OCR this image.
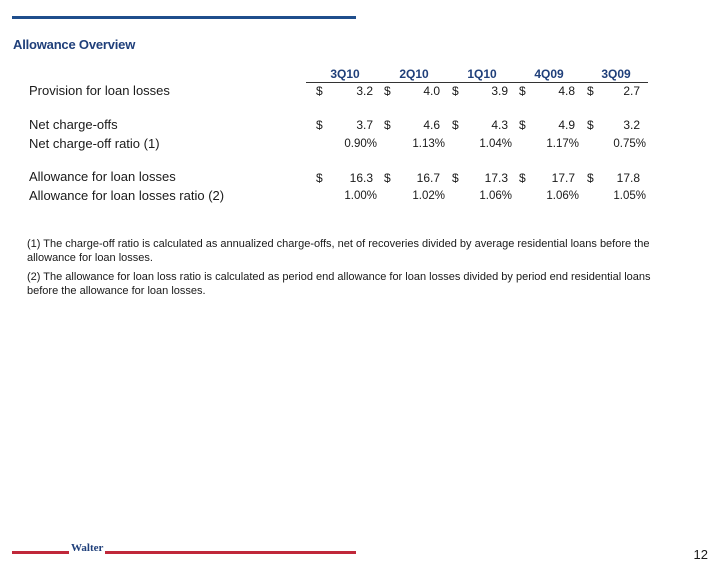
Allowance Overview
3Q10	2Q10	1Q10	4Q09	3Q09
Provision for loan losses	$	3.2 $	4.0 $	3.9 $	4.8 $	2.7
Net charge-offs	$	3.7 $	4.6 $	4.3 $	4.9 $	3.2
Net charge-off ratio (1)	0.90%	1.13%	1.04%	1.17%	0.75%
Allowance for loan losses	$	16.3 $	16.7 $	17.3 $	17.7 $	17.8
Allowance for loan losses ratio (2)	1.00%	1.02%	1.06%	1.06%	1.05%
(1) The charge-off ratio is calculated as annualized charge-offs, net of recoveries divided by average residential loans before the allowance for loan losses.
(2) The allowance for loan loss ratio is calculated as period end allowance for loan losses divided by period end residential loans before the allowance for loan losses.
Walter	12
